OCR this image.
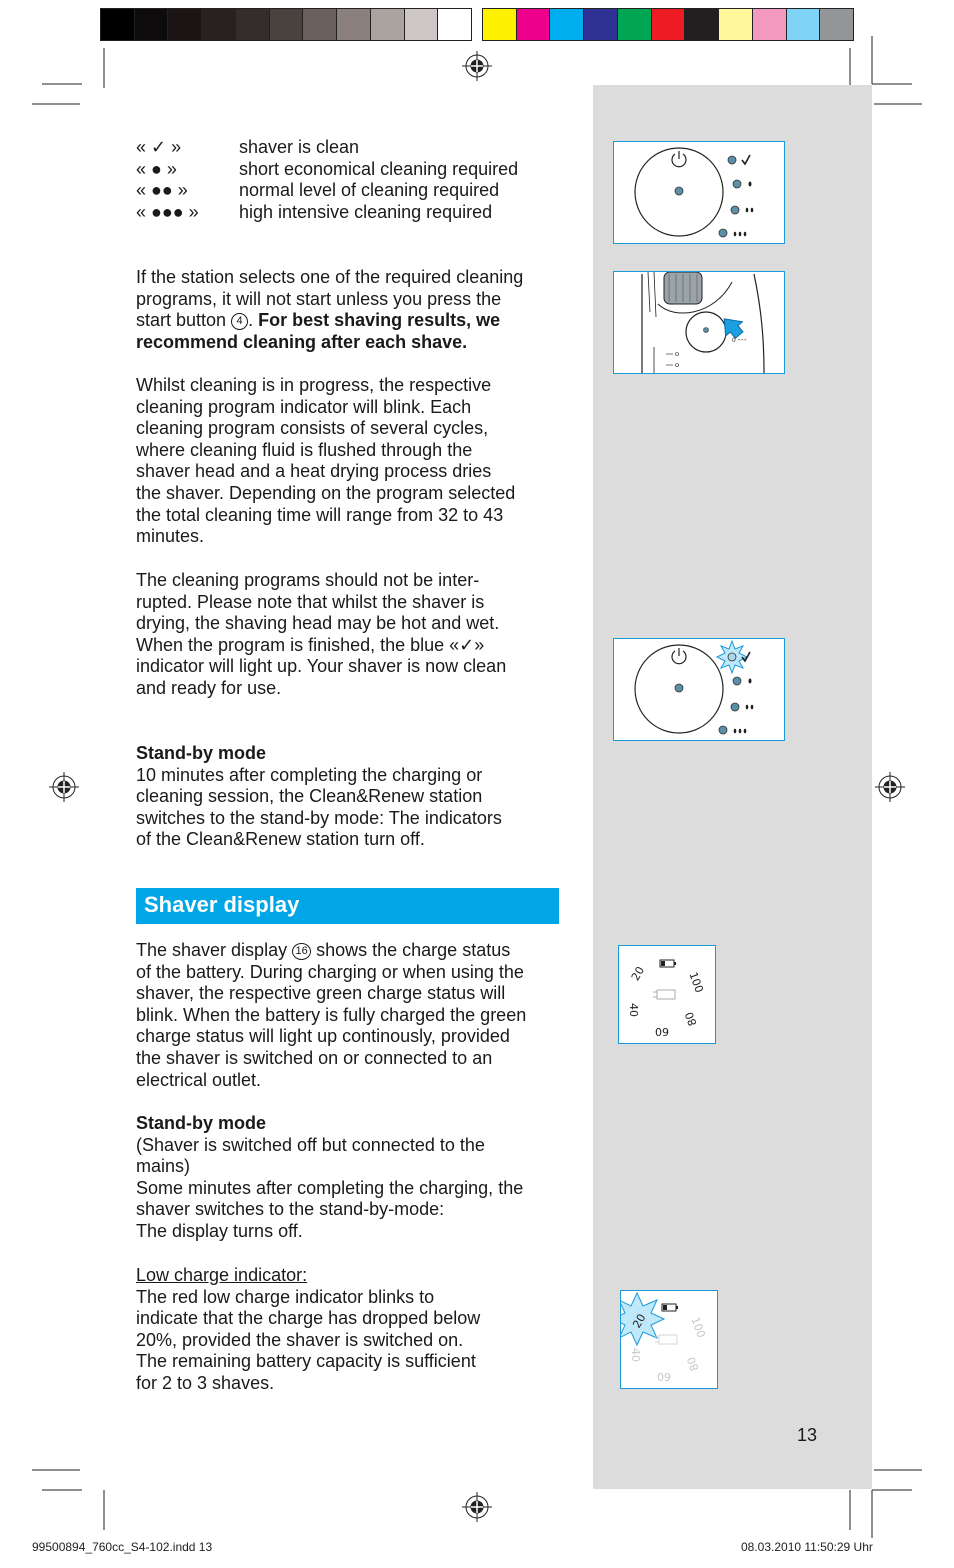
« ✓ »	shaver is clean
« ● »	short economical cleaning required
« ●● »	normal level of cleaning required
« ●●● » high intensive cleaning required

If the station selects one of the required cleaning

programs, it will not start unless you press the

start button 4 . For best shaving results, we

recommend cleaning after each shave.

Whilst cleaning is in progress, the respective

cleaning program indicator will blink. Each

cleaning program consists of several cycles,

where cleaning fluid is flushed through the

shaver head and a heat drying process dries

the shaver. Depending on the program selected

the total cleaning time will range from 32 to 43

minutes.

The cleaning programs should not be inter-

rupted. Please note that whilst the shaver is

drying, the shaving head may be hot and wet.

When the program is finished, the blue «✓»

indicator will light up. Your shaver is now clean

and ready for use.

Stand-by mode

10 minutes after completing the charging or

cleaning session, the Clean&Renew station

switches to the stand-by mode: The indicators

of the Clean&Renew station turn off.

Shaver display

The shaver display 16 shows the charge status

of the battery. During charging or when using the

shaver, the respective green charge status will

blink. When the battery is fully charged the green

charge status will light up continously, provided

the shaver is switched on or connected to an

electrical outlet.

Stand-by mode

(Shaver is switched off but connected to the

mains)

Some minutes after completing the charging, the

shaver switches to the stand-by-mode:

The display turns off.

Low charge indicator:

The red low charge indicator blinks to

indicate that the charge has dropped below

20%, provided the shaver is switched on.

The remaining battery capacity is sufficient

for 2 to 3 shaves.

0 ⁃⁃⁃
20
40
60
80
100
20
40
60
80
100
13
99500894_760cc_S4-102.indd 13	08.03.2010 11:50:29 Uhr
